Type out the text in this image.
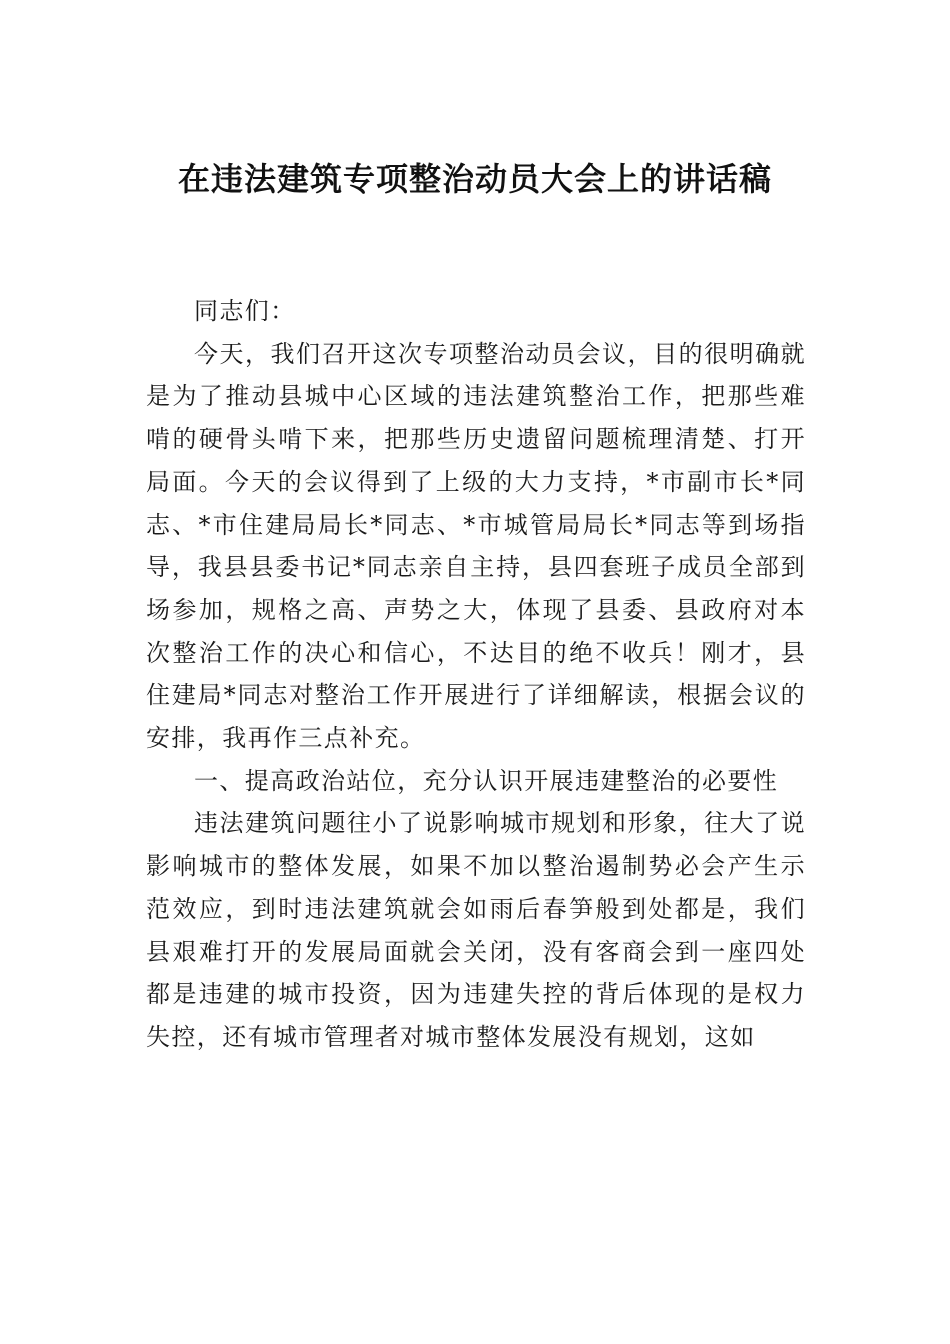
在违法建筑专项整治动员大会上的讲话稿

同志们：

今天，我们召开这次专项整治动员会议，目的很明确就是为了推动县城中心区域的违法建筑整治工作，把那些难啃的硬骨头啃下来，把那些历史遗留问题梳理清楚、打开局面。今天的会议得到了上级的大力支持，*市副市长*同志、*市住建局局长*同志、*市城管局局长*同志等到场指导，我县县委书记*同志亲自主持，县四套班子成员全部到场参加，规格之高、声势之大，体现了县委、县政府对本次整治工作的决心和信心，不达目的绝不收兵！刚才，县住建局*同志对整治工作开展进行了详细解读，根据会议的安排，我再作三点补充。

一、提高政治站位，充分认识开展违建整治的必要性

违法建筑问题往小了说影响城市规划和形象，往大了说影响城市的整体发展，如果不加以整治遏制势必会产生示范效应，到时违法建筑就会如雨后春笋般到处都是，我们县艰难打开的发展局面就会关闭，没有客商会到一座四处都是违建的城市投资，因为违建失控的背后体现的是权力失控，还有城市管理者对城市整体发展没有规划，这如
